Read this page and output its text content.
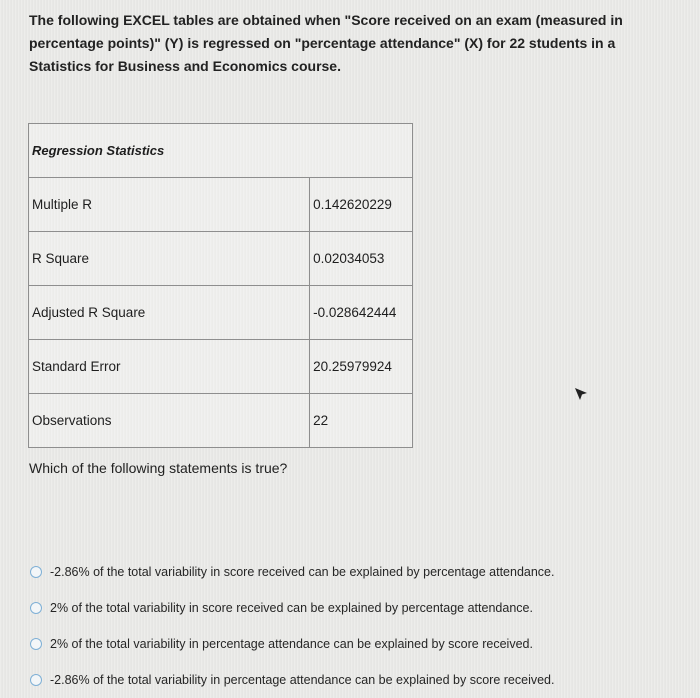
The following EXCEL tables are obtained when "Score received on an exam (measured in percentage points)" (Y) is regressed on "percentage attendance" (X) for 22 students in a Statistics for Business and Economics course.

Regression Statistics	
Multiple R	0.142620229
R Square	0.02034053
Adjusted R Square	-0.028642444
Standard Error	20.25979924
Observations	22

Which of the following statements is true?

-2.86% of the total variability in score received can be explained by percentage attendance.
2% of the total variability in score received can be explained by percentage attendance.
2% of the total variability in percentage attendance can be explained by score received.
-2.86% of the total variability in percentage attendance can be explained by score received.
